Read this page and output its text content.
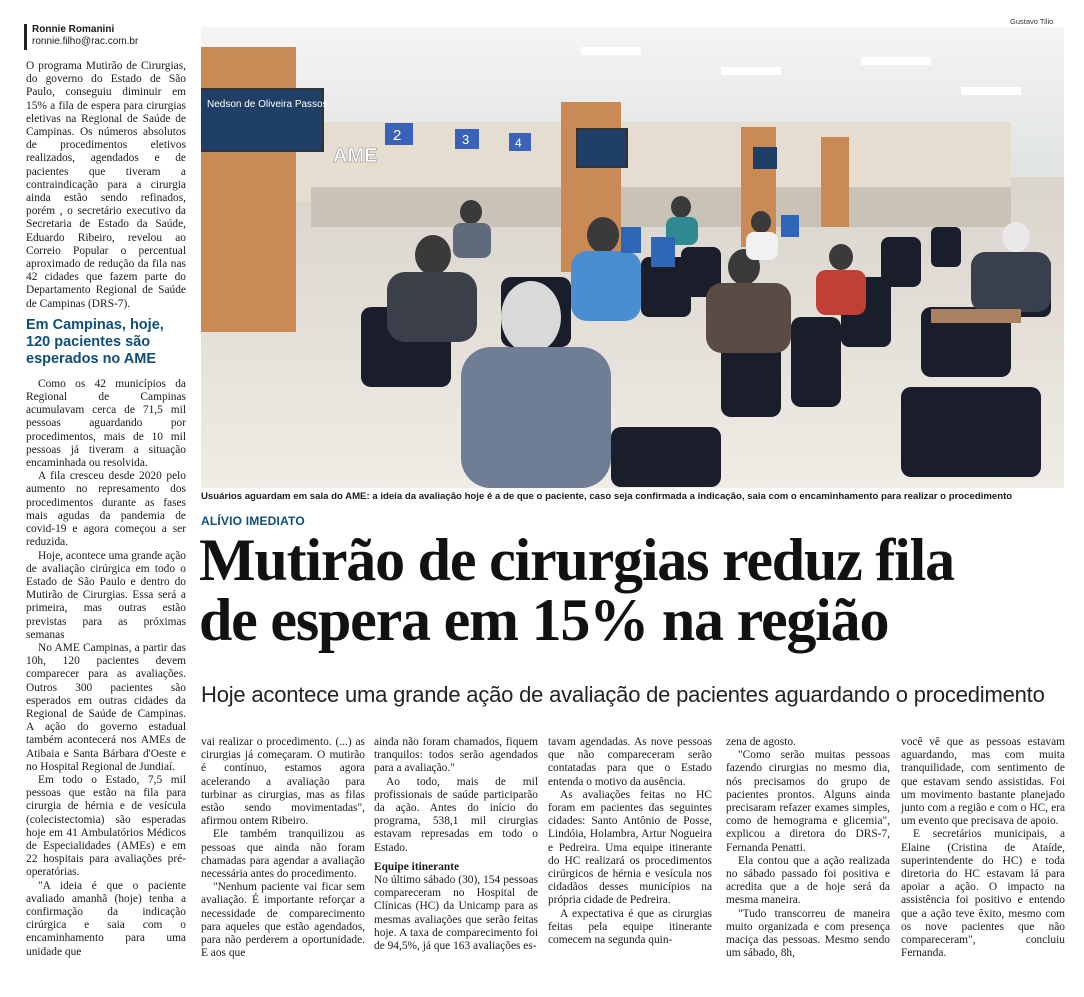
Ronnie Romanini
ronnie.filho@rac.com.br

O programa Mutirão de Cirurgias, do governo do Estado de São Paulo, conseguiu diminuir em 15% a fila de espera para cirurgias eletivas na Regional de Saúde de Campinas. Os números absolutos de procedimentos eletivos realizados, agendados e de pacientes que tiveram a contraindicação para a cirurgia ainda estão sendo refinados, porém , o secretário executivo da Secretaria de Estado da Saúde, Eduardo Ribeiro, revelou ao Correio Popular o percentual aproximado de redução da fila nas 42 cidades que fazem parte do Departamento Regional de Saúde de Campinas (DRS-7).

Em Campinas, hoje, 120 pacientes são esperados no AME

Como os 42 municípios da Regional de Campinas acumulavam cerca de 71,5 mil pessoas aguardando por procedimentos, mais de 10 mil pessoas já tiveram a situação encaminhada ou resolvida.

A fila cresceu desde 2020 pelo aumento no represamento dos procedimentos durante as fases mais agudas da pandemia de covid-19 e agora começou a ser reduzida.

Hoje, acontece uma grande ação de avaliação cirúrgica em todo o Estado de São Paulo e dentro do Mutirão de Cirurgias. Essa será a primeira, mas outras estão previstas para as próximas semanas

No AME Campinas, a partir das 10h, 120 pacientes devem comparecer para as avaliações. Outros 300 pacientes são esperados em outras cidades da Regional de Saúde de Campinas. A ação do governo estadual também acontecerá nos AMEs de Atibaia e Santa Bárbara d'Oeste e no Hospital Regional de Jundiaí.

Em todo o Estado, 7,5 mil pessoas que estão na fila para cirurgia de hérnia e de vesícula (colecistectomia) são esperadas hoje em 41 Ambulatórios Médicos de Especialidades (AMEs) e em 22 hospitais para avaliações pré-operatórias.

"A ideia é que o paciente avaliado amanhã (hoje) tenha a confirmação da indicação cirúrgica e saia com o encaminhamento para uma unidade que

Gustavo Tilio
Nedson de Oliveira Passos
AME
2	3	4
Usuários aguardam em sala do AME: a ideia da avaliação hoje é a de que o paciente, caso seja confirmada a indicação, saia com o encaminhamento para realizar o procedimento
ALÍVIO IMEDIATO
Mutirão de cirurgias reduz fila
de espera em 15% na região
Hoje acontece uma grande ação de avaliação de pacientes aguardando o procedimento

vai realizar o procedimento. (...) as cirurgias já começaram. O mutirão é contínuo, estamos agora acelerando a avaliação para turbinar as cirurgias, mas as filas estão sendo movimentadas", afirmou ontem Ribeiro.

Ele também tranquilizou as pessoas que ainda não foram chamadas para agendar a avaliação necessária antes do procedimento.

"Nenhum paciente vai ficar sem avaliação. É importante reforçar a necessidade de comparecimento para aqueles que estão agendados, para não perderem a oportunidade. E aos que

ainda não foram chamados, fiquem tranquilos: todos serão agendados para a avaliação."

Ao todo, mais de mil profissionais de saúde participarão da ação. Antes do início do programa, 538,1 mil cirurgias estavam represadas em todo o Estado.

Equipe itinerante

No último sábado (30), 154 pessoas compareceram no Hospital de Clínicas (HC) da Unicamp para as mesmas avaliações que serão feitas hoje. A taxa de comparecimento foi de 94,5%, já que 163 avaliações es-

tavam agendadas. As nove pessoas que não compareceram serão contatadas para que o Estado entenda o motivo da ausência.

As avaliações feitas no HC foram em pacientes das seguintes cidades: Santo Antônio de Posse, Lindóia, Holambra, Artur Nogueira e Pedreira. Uma equipe itinerante do HC realizará os procedimentos cirúrgicos de hérnia e vesícula nos cidadãos desses municípios na própria cidade de Pedreira.

A expectativa é que as cirurgias feitas pela equipe itinerante comecem na segunda quin-

zena de agosto.

"Como serão muitas pessoas fazendo cirurgias no mesmo dia, nós precisamos do grupo de pacientes prontos. Alguns ainda precisaram refazer exames simples, como de hemograma e glicemia", explicou a diretora do DRS-7, Fernanda Penatti.

Ela contou que a ação realizada no sábado passado foi positiva e acredita que a de hoje será da mesma maneira.

"Tudo transcorreu de maneira muito organizada e com presença maciça das pessoas. Mesmo sendo um sábado, 8h,

você vê que as pessoas estavam aguardando, mas com muita tranquilidade, com sentimento de que estavam sendo assistidas. Foi um movimento bastante planejado junto com a região e com o HC, era um evento que precisava de apoio.

E secretários municipais, a Elaine (Cristina de Ataíde, superintendente do HC) e toda diretoria do HC estavam lá para apoiar a ação. O impacto na assistência foi positivo e entendo que a ação teve êxito, mesmo com os nove pacientes que não compareceram", concluiu Fernanda.
